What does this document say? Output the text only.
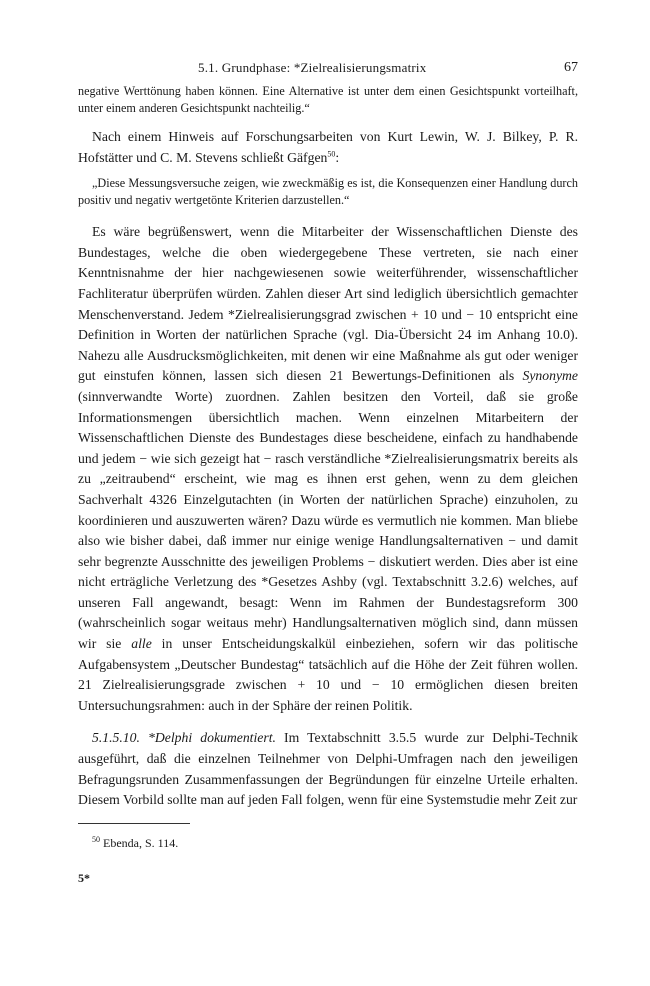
5.1. Grundphase: *Zielrealisierungsmatrix	67

negative Werttönung haben können. Eine Alternative ist unter dem einen Gesichtspunkt vorteilhaft, unter einem anderen Gesichtspunkt nachteilig.“

Nach einem Hinweis auf Forschungsarbeiten von Kurt Lewin, W. J. Bilkey, P. R. Hofstätter und C. M. Stevens schließt Gäfgen$^{50}$:

„Diese Messungsversuche zeigen, wie zweckmäßig es ist, die Konsequenzen einer Handlung durch positiv und negativ wertgetönte Kriterien darzustellen.“

Es wäre begrüßenswert, wenn die Mitarbeiter der Wissenschaftlichen Dienste des Bundestages, welche die oben wiedergegebene These vertreten, sie nach einer Kenntnisnahme der hier nachgewiesenen sowie weiterführender, wissenschaftlicher Fachliteratur überprüfen würden. Zahlen dieser Art sind lediglich übersichtlich gemachter Menschenverstand. Jedem *Zielrealisierungsgrad zwischen + 10 und − 10 entspricht eine Definition in Worten der natürlichen Sprache (vgl. Dia-Übersicht 24 im Anhang 10.0). Nahezu alle Ausdrucksmöglichkeiten, mit denen wir eine Maßnahme als gut oder weniger gut einstufen können, lassen sich diesen 21 Bewertungs-Definitionen als Synonyme (sinnverwandte Worte) zuordnen. Zahlen besitzen den Vorteil, daß sie große Informationsmengen übersichtlich machen. Wenn einzelnen Mitarbeitern der Wissenschaftlichen Dienste des Bundestages diese bescheidene, einfach zu handhabende und jedem − wie sich gezeigt hat − rasch verständliche *Zielrealisierungsmatrix bereits als zu „zeitraubend“ erscheint, wie mag es ihnen erst gehen, wenn zu dem gleichen Sachverhalt 4326 Einzelgutachten (in Worten der natürlichen Sprache) einzuholen, zu koordinieren und auszuwerten wären? Dazu würde es vermutlich nie kommen. Man bliebe also wie bisher dabei, daß immer nur einige wenige Handlungsalternativen − und damit sehr begrenzte Ausschnitte des jeweiligen Problems − diskutiert werden. Dies aber ist eine nicht erträgliche Verletzung des *Gesetzes Ashby (vgl. Textabschnitt 3.2.6) welches, auf unseren Fall angewandt, besagt: Wenn im Rahmen der Bundestagsreform 300 (wahrscheinlich sogar weitaus mehr) Handlungsalternativen möglich sind, dann müssen wir sie alle in unser Entscheidungskalkül einbeziehen, sofern wir das politische Aufgabensystem „Deutscher Bundestag“ tatsächlich auf die Höhe der Zeit führen wollen. 21 Zielrealisierungsgrade zwischen + 10 und − 10 ermöglichen diesen breiten Untersuchungsrahmen: auch in der Sphäre der reinen Politik.

5.1.5.10. *Delphi dokumentiert. Im Textabschnitt 3.5.5 wurde zur Delphi-Technik ausgeführt, daß die einzelnen Teilnehmer von Delphi-Umfragen nach den jeweiligen Befragungsrunden Zusammenfassungen der Begründungen für einzelne Urteile erhalten. Diesem Vorbild sollte man auf jeden Fall folgen, wenn für eine Systemstudie mehr Zeit zur

$^{50}$ Ebenda, S. 114.

5*
